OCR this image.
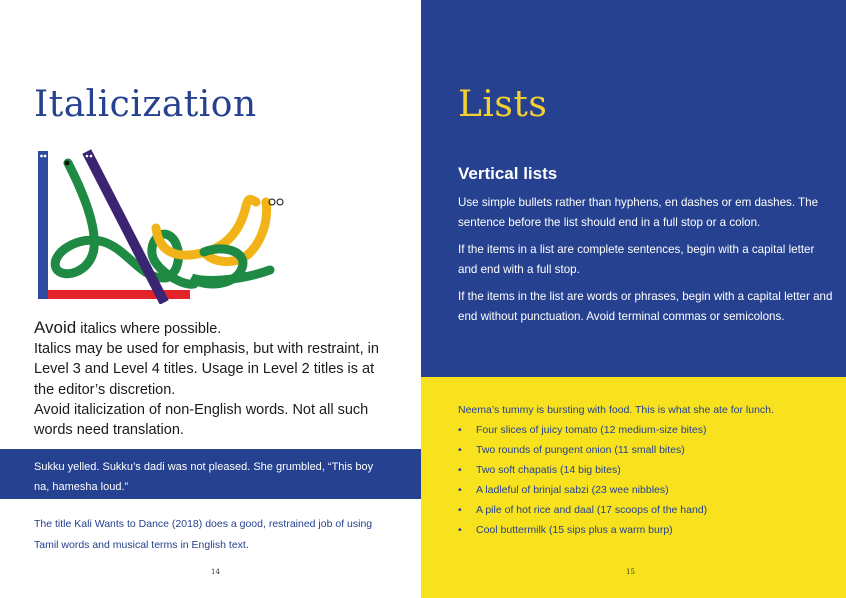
Italicization

Avoid italics where possible.

Italics may be used for emphasis, but with restraint, in Level 3 and Level 4 titles. Usage in Level 2 titles is at the editor’s discretion.

Avoid italicization of non-English words. Not all such words need translation.

Sukku yelled. Sukku’s dadi was not pleased. She grumbled, “This boy na, hamesha loud.”

The title Kali Wants to Dance (2018) does a good, restrained job of using Tamil words and musical terms in English text.

14
Lists
Vertical lists

Use simple bullets rather than hyphens, en dashes or em dashes. The sentence before the list should end in a full stop or a colon.

If the items in a list are complete sentences, begin with a capital letter and end with a full stop.

If the items in the list are words or phrases, begin with a capital letter and end without punctuation. Avoid terminal commas or semicolons.

Neema’s tummy is bursting with food. This is what she ate for lunch.

• Four slices of juicy tomato (12 medium-size bites)
• Two rounds of pungent onion (11 small bites)
• Two soft chapatis (14 big bites)
• A ladleful of brinjal sabzi (23 wee nibbles)
• A pile of hot rice and daal (17 scoops of the hand)
• Cool buttermilk (15 sips plus a warm burp)
15
